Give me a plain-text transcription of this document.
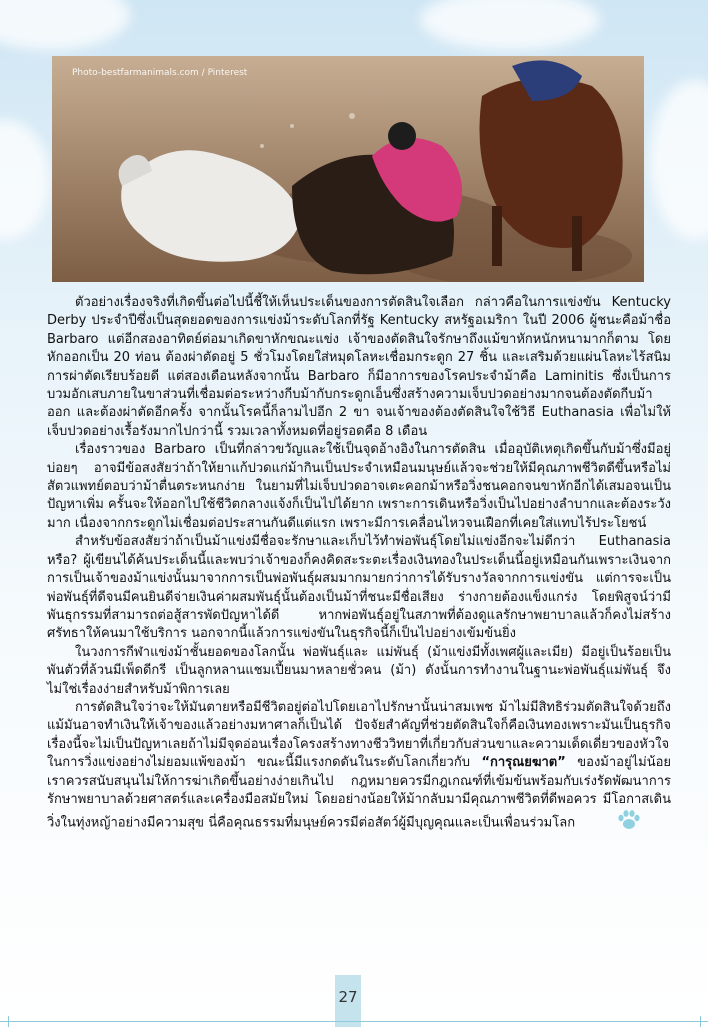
Photo-bestfarmanimals.com / Pinterest

ตัวอย่างเรื่องจริงที่เกิดขึ้นต่อไปนี้ชี้ให้เห็นประเด็นของการตัดสินใจเลือก กล่าวคือในการแข่งขัน Kentucky Derby ประจำปีซึ่งเป็นสุดยอดของการแข่งม้าระดับโลกที่รัฐ Kentucky สหรัฐอเมริกา ในปี 2006 ผู้ชนะคือม้าชื่อ Barbaro แต่อีกสองอาทิตย์ต่อมาเกิดขาหักขณะแข่ง เจ้าของตัดสินใจรักษาถึงแม้ขาหักหนักหนามากก็ตาม โดยหักออกเป็น 20 ท่อน ต้องผ่าตัดอยู่ 5 ชั่วโมงโดยใส่หมุดโลหะเชื่อมกระดูก 27 ชิ้น และเสริมด้วยแผ่นโลหะไร้สนิม การผ่าตัดเรียบร้อยดี แต่สองเดือนหลังจากนั้น Barbaro ก็มีอาการของโรคประจำม้าคือ Laminitis ซึ่งเป็นการบวมอักเสบภายในขาส่วนที่เชื่อมต่อระหว่างกีบม้ากับกระดูกเอ็นซึ่งสร้างความเจ็บปวดอย่างมากจนต้องตัดกีบม้าออก และต้องผ่าตัดอีกครั้ง จากนั้นโรคนี้ก็ลามไปอีก 2 ขา จนเจ้าของต้องตัดสินใจใช้วิธี Euthanasia เพื่อไม่ให้เจ็บปวดอย่างเรื้อรังมากไปกว่านี้ รวมเวลาทั้งหมดที่อยู่รอดคือ 8 เดือน

เรื่องราวของ Barbaro เป็นที่กล่าวขวัญและใช้เป็นจุดอ้างอิงในการตัดสิน เมื่ออุบัติเหตุเกิดขึ้นกับม้าซึ่งมีอยู่บ่อยๆ อาจมีข้อสงสัยว่าถ้าให้ยาแก้ปวดแก่ม้ากินเป็นประจำเหมือนมนุษย์แล้วจะช่วยให้มีคุณภาพชีวิตดีขึ้นหรือไม่ สัตวแพทย์ตอบว่าม้าตื่นตระหนกง่าย ในยามที่ไม่เจ็บปวดอาจเตะคอกม้าหรือวิ่งชนคอกจนขาหักอีกได้เสมอจนเป็นปัญหาเพิ่ม ครั้นจะให้ออกไปใช้ชีวิตกลางแจ้งก็เป็นไปได้ยาก เพราะการเดินหรือวิ่งเป็นไปอย่างลำบากและต้องระวังมาก เนื่องจากกระดูกไม่เชื่อมต่อประสานกันดีแต่แรก เพราะมีการเคลื่อนไหวจนเฝือกที่เคยใส่แทบไร้ประโยชน์

สำหรับข้อสงสัยว่าถ้าเป็นม้าแข่งมีชื่อจะรักษาและเก็บไว้ทำพ่อพันธุ์โดยไม่แข่งอีกจะไม่ดีกว่า Euthanasia หรือ? ผู้เขียนได้ค้นประเด็นนี้และพบว่าเจ้าของก็คงคิดสะระตะเรื่องเงินทองในประเด็นนี้อยู่เหมือนกันเพราะเงินจากการเป็นเจ้าของม้าแข่งนั้นมาจากการเป็นพ่อพันธุ์ผสมมากมายกว่าการได้รับรางวัลจากการแข่งขัน แต่การจะเป็นพ่อพันธุ์ที่ดีจนมีคนยินดีจ่ายเงินค่าผสมพันธุ์นั้นต้องเป็นม้าที่ชนะมีชื่อเสียง ร่างกายต้องแข็งแกร่ง โดยพิสูจน์ว่ามีพันธุกรรมที่สามารถต่อสู้สารพัดปัญหาได้ดี หากพ่อพันธุ์อยู่ในสภาพที่ต้องดูแลรักษาพยาบาลแล้วก็คงไม่สร้างศรัทธาให้คนมาใช้บริการ นอกจากนี้แล้วการแข่งขันในธุรกิจนี้ก็เป็นไปอย่างเข้มข้นยิ่ง

ในวงการกีฬาแข่งม้าชั้นยอดของโลกนั้น พ่อพันธุ์และ แม่พันธุ์ (ม้าแข่งมีทั้งเพศผู้และเมีย) มีอยู่เป็นร้อยเป็นพันตัวที่ล้วนมีเพ็ดดีกรี เป็นลูกหลานแชมเปี้ยนมาหลายชั่วคน (ม้า) ดังนั้นการทำงานในฐานะพ่อพันธุ์แม่พันธุ์ จึงไม่ใช่เรื่องง่ายสำหรับม้าพิการเลย

การตัดสินใจว่าจะให้มันตายหรือมีชีวิตอยู่ต่อไปโดยเอาไปรักษานั้นน่าสมเพช ม้าไม่มีสิทธิร่วมตัดสินใจด้วยถึงแม้มันอาจทำเงินให้เจ้าของแล้วอย่างมหาศาลก็เป็นได้ ปัจจัยสำคัญที่ช่วยตัดสินใจก็คือเงินทองเพราะมันเป็นธุรกิจ เรื่องนี้จะไม่เป็นปัญหาเลยถ้าไม่มีจุดอ่อนเรื่องโครงสร้างทางชีววิทยาที่เกี่ยวกับส่วนขาและความเด็ดเดี่ยวของหัวใจในการวิ่งแข่งอย่างไม่ยอมแพ้ของม้า ขณะนี้มีแรงกดดันในระดับโลกเกี่ยวกับ “การุณยฆาต” ของม้าอยู่ไม่น้อย เราควรสนับสนุนไม่ให้การฆ่าเกิดขึ้นอย่างง่ายเกินไป กฎหมายควรมีกฎเกณฑ์ที่เข้มข้นพร้อมกับเร่งรัดพัฒนาการรักษาพยาบาลด้วยศาสตร์และเครื่องมือสมัยใหม่ โดยอย่างน้อยให้ม้ากลับมามีคุณภาพชีวิตที่ดีพอควร มีโอกาสเดินวิ่งในทุ่งหญ้าอย่างมีความสุข นี่คือคุณธรรมที่มนุษย์ควรมีต่อสัตว์ผู้มีบุญคุณและเป็นเพื่อนร่วมโลก

27
